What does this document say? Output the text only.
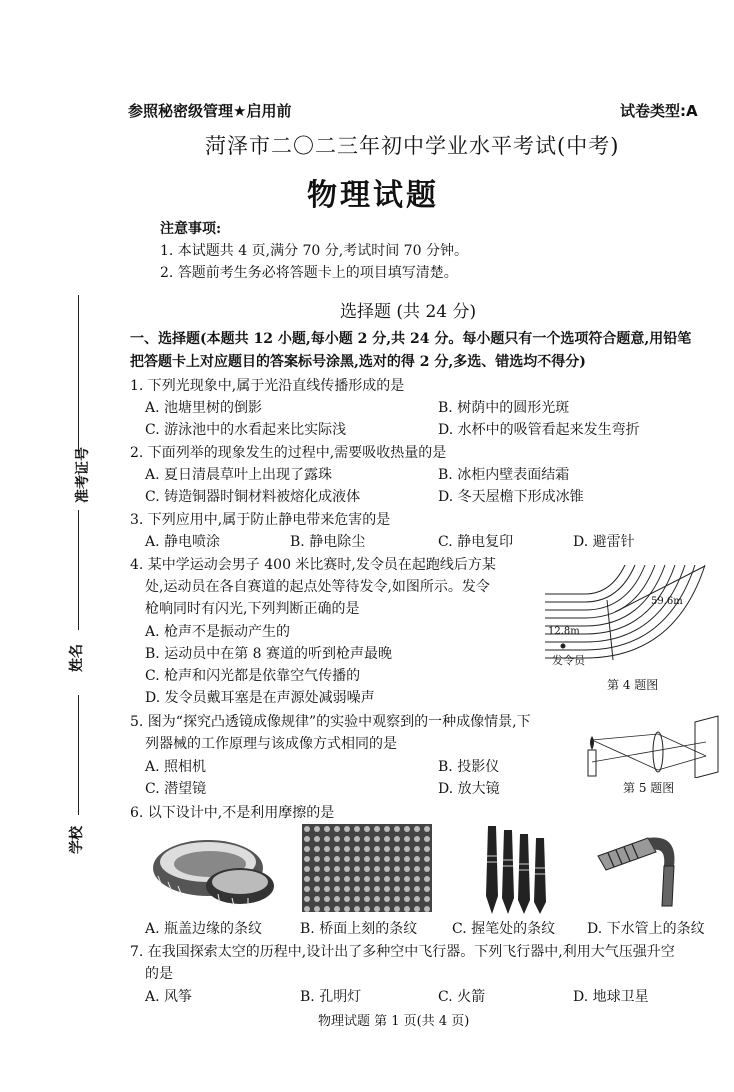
参照秘密级管理★启用前	试卷类型:A
菏泽市二〇二三年初中学业水平考试(中考)
物理试题
注意事项:
1. 本试题共 4 页,满分 70 分,考试时间 70 分钟。
2. 答题前考生务必将答题卡上的项目填写清楚。
准考证号
姓名
学校
选择题 (共 24 分)
一、选择题(本题共 12 小题,每小题 2 分,共 24 分。每小题只有一个选项符合题意,用铅笔
把答题卡上对应题目的答案标号涂黑,选对的得 2 分,多选、错选均不得分)
1. 下列光现象中,属于光沿直线传播形成的是
A. 池塘里树的倒影	B. 树荫中的圆形光斑
C. 游泳池中的水看起来比实际浅	D. 水杯中的吸管看起来发生弯折
2. 下面列举的现象发生的过程中,需要吸收热量的是
A. 夏日清晨草叶上出现了露珠	B. 冰柜内壁表面结霜
C. 铸造铜器时铜材料被熔化成液体	D. 冬天屋檐下形成冰锥
3. 下列应用中,属于防止静电带来危害的是
A. 静电喷涂	B. 静电除尘	C. 静电复印	D. 避雷针
4. 某中学运动会男子 400 米比赛时,发令员在起跑线后方某
处,运动员在各自赛道的起点处等待发令,如图所示。发令
枪响同时有闪光,下列判断正确的是
A. 枪声不是振动产生的
B. 运动员中在第 8 赛道的听到枪声最晚
C. 枪声和闪光都是依靠空气传播的
D. 发令员戴耳塞是在声源处减弱噪声
59.6m
12.8m
发令员
第 4 题图
5. 图为“探究凸透镜成像规律”的实验中观察到的一种成像情景,下
列器械的工作原理与该成像方式相同的是
A. 照相机	B. 投影仪
C. 潜望镜	D. 放大镜	第 5 题图
6. 以下设计中,不是利用摩擦的是
A. 瓶盖边缘的条纹	B. 桥面上刻的条纹 C. 握笔处的条纹 D. 下水管上的条纹
7. 在我国探索太空的历程中,设计出了多种空中飞行器。下列飞行器中,利用大气压强升空
的是
A. 风筝	B. 孔明灯	C. 火箭	D. 地球卫星
物理试题 第 1 页(共 4 页)
